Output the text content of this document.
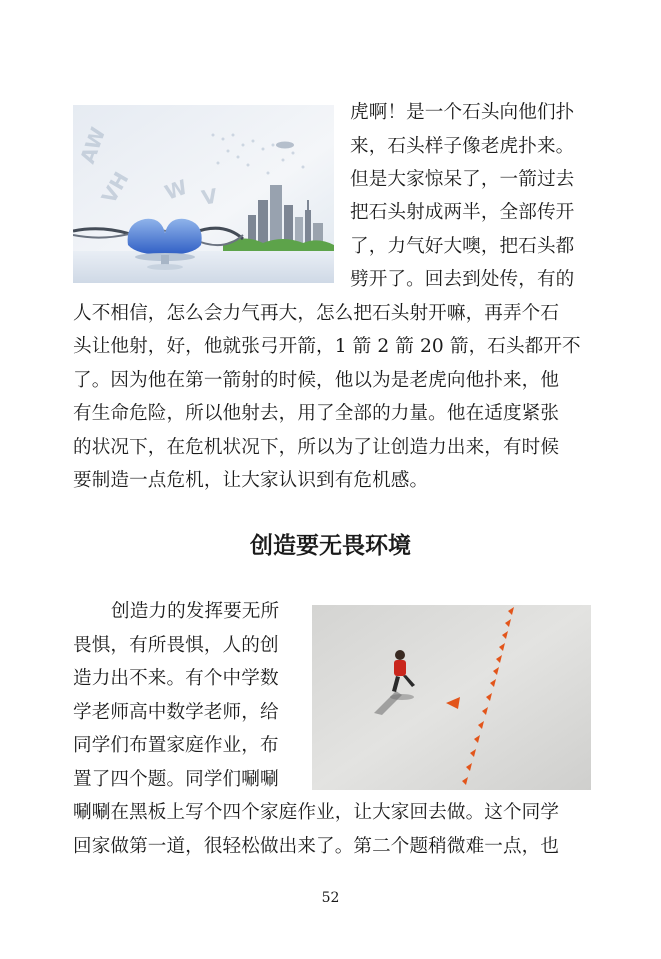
AW
VH W V
虎啊！是一个石头向他们扑
来，石头样子像老虎扑来。
但是大家惊呆了，一箭过去
把石头射成两半，全部传开
了，力气好大噢，把石头都
劈开了。回去到处传，有的
人不相信，怎么会力气再大，怎么把石头射开嘛，再弄个石
头让他射，好，他就张弓开箭，1 箭 2 箭 20 箭，石头都开不
了。因为他在第一箭射的时候，他以为是老虎向他扑来，他
有生命危险，所以他射去，用了全部的力量。他在适度紧张
的状况下，在危机状况下，所以为了让创造力出来，有时候
要制造一点危机，让大家认识到有危机感。
创造要无畏环境
创造力的发挥要无所
畏惧，有所畏惧，人的创
造力出不来。有个中学数
学老师高中数学老师，给
同学们布置家庭作业，布
置了四个题。同学们唰唰
唰唰在黑板上写个四个家庭作业，让大家回去做。这个同学
回家做第一道，很轻松做出来了。第二个题稍微难一点，也
52
